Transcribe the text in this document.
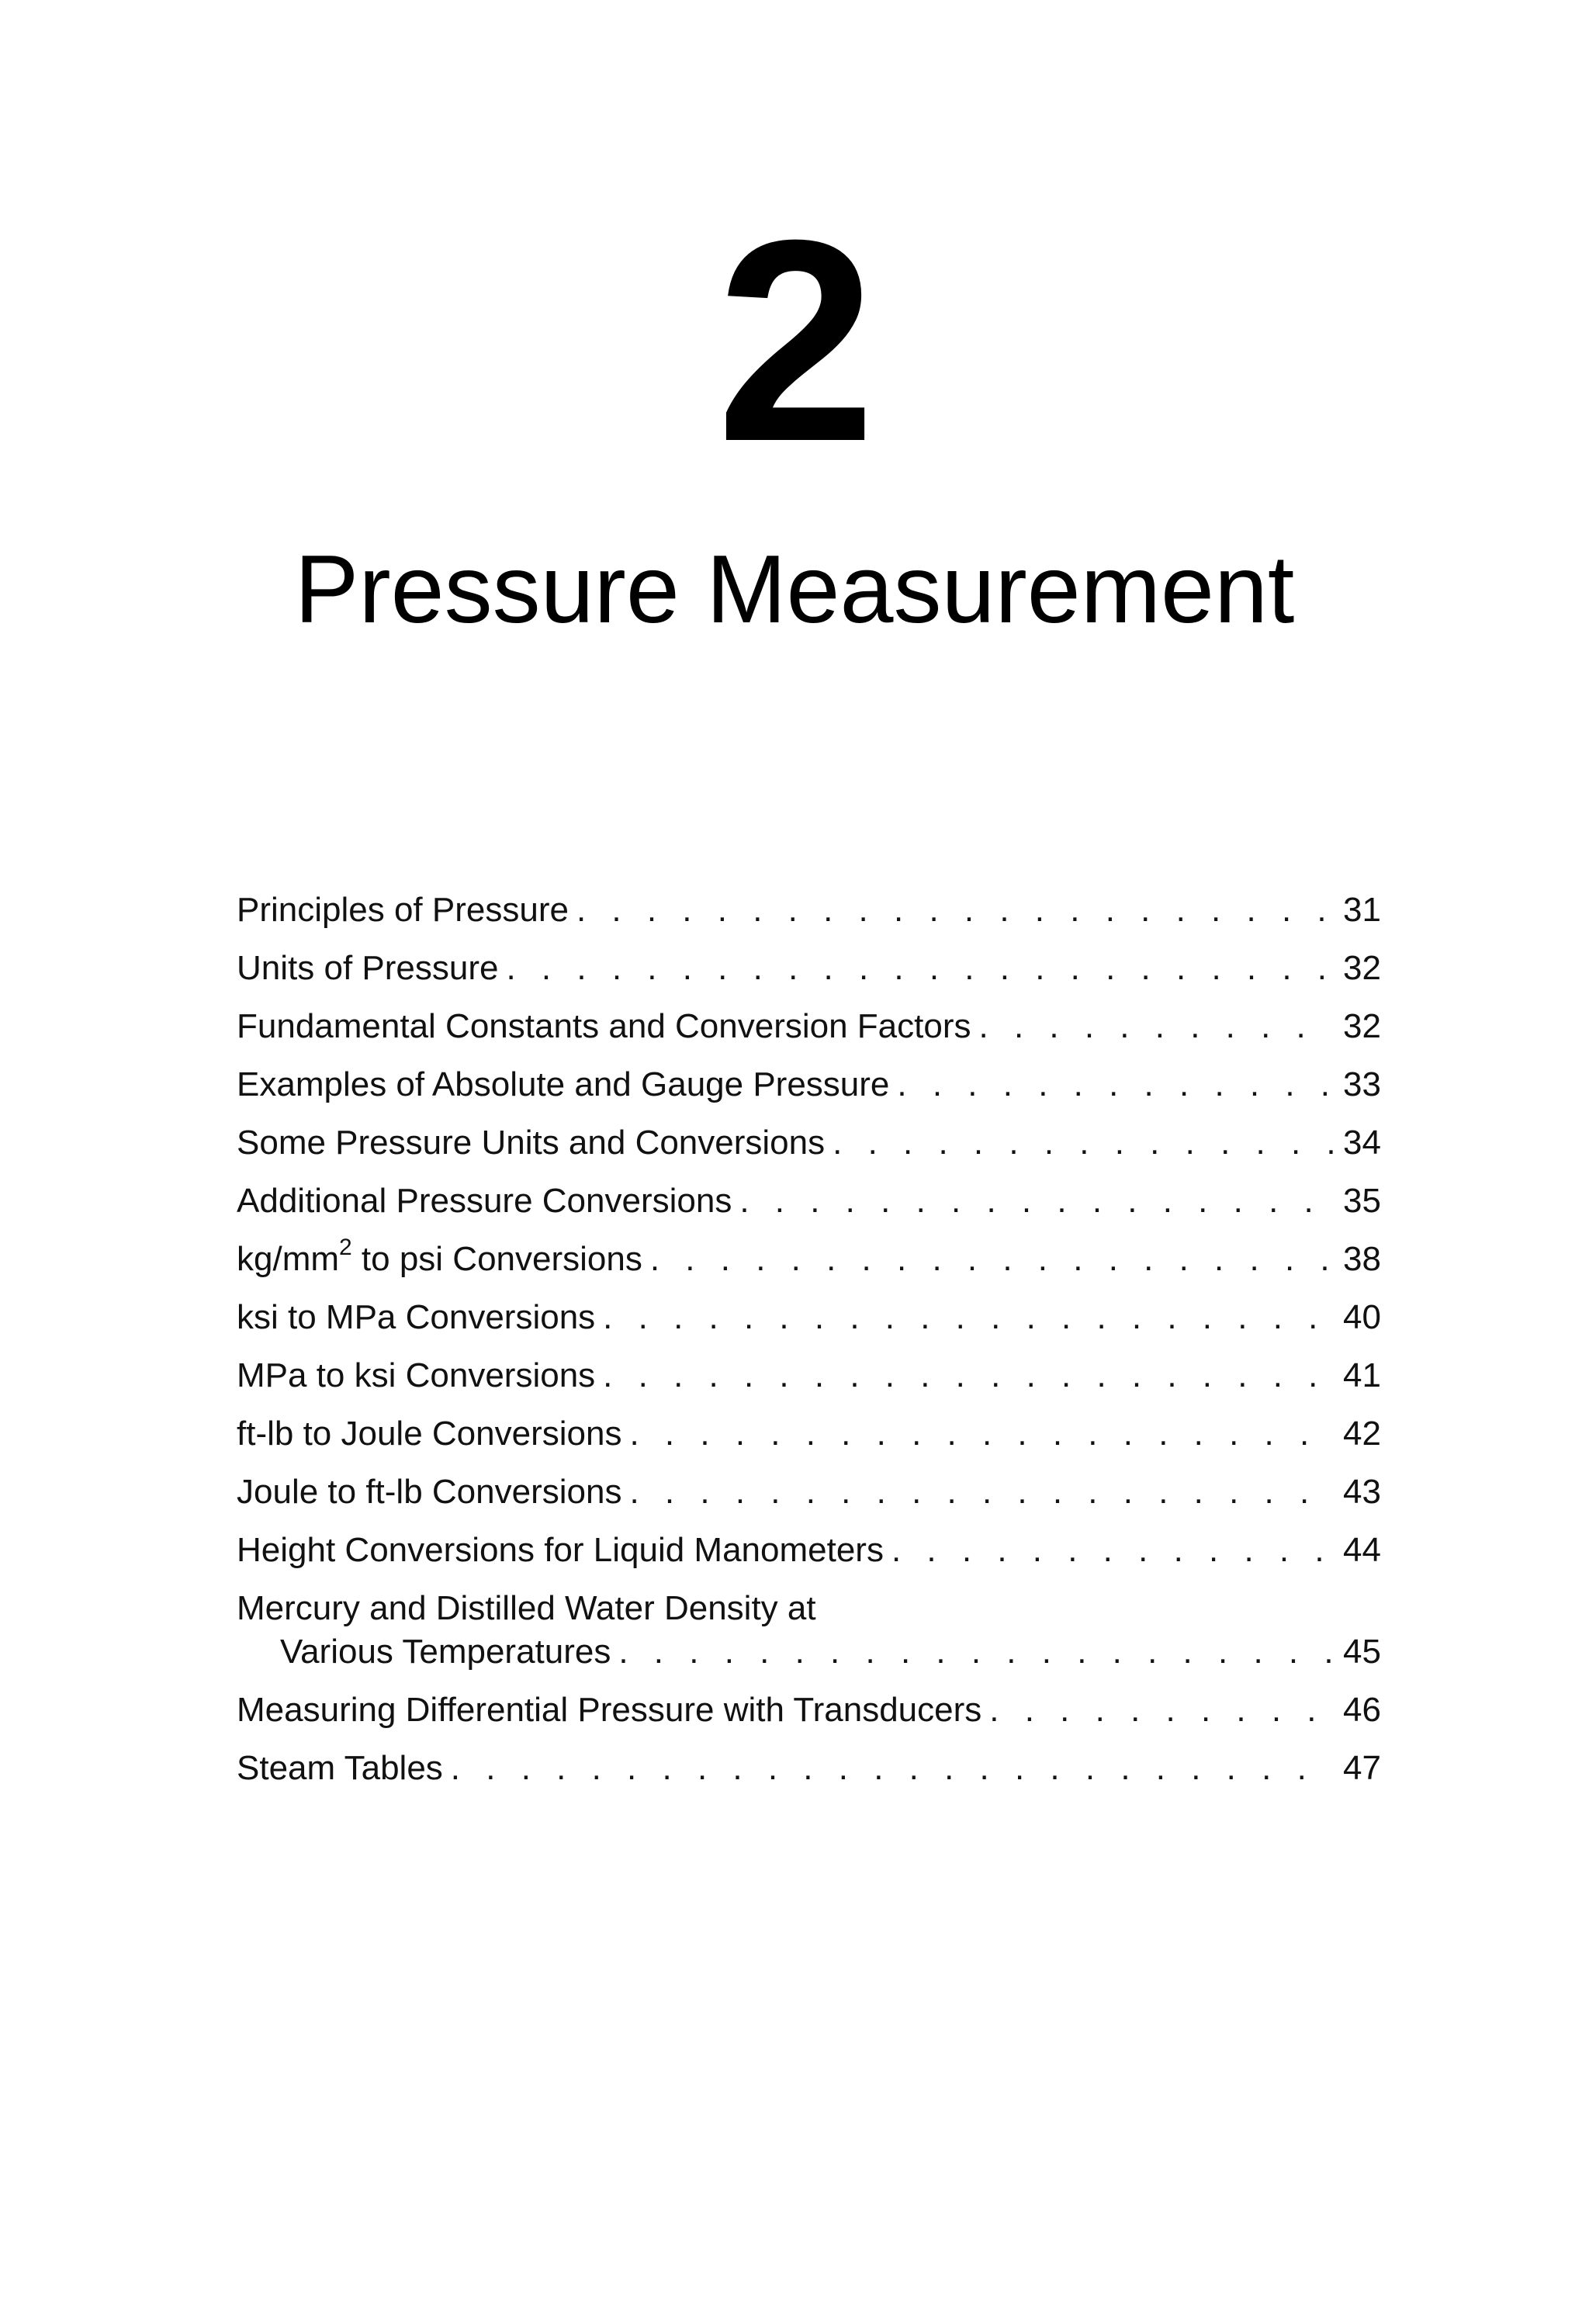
2
Pressure Measurement
Principles of Pressure . . .	31
Units of Pressure . . .	32
Fundamental Constants and Conversion Factors . . .	32
Examples of Absolute and Gauge Pressure . . .	33
Some Pressure Units and Conversions . . .	34
Additional Pressure Conversions . . .	35
$kg/mm^2$ to psi Conversions . . .	38
ksi to MPa Conversions . . .	40
MPa to ksi Conversions . . .	41
ft-lb to Joule Conversions . . .	42
Joule to ft-lb Conversions . . .	43
Height Conversions for Liquid Manometers . . .	44
Mercury and Distilled Water Density at
Various Temperatures . . .	45
Measuring Differential Pressure with Transducers . . .	46
Steam Tables . . .	47
